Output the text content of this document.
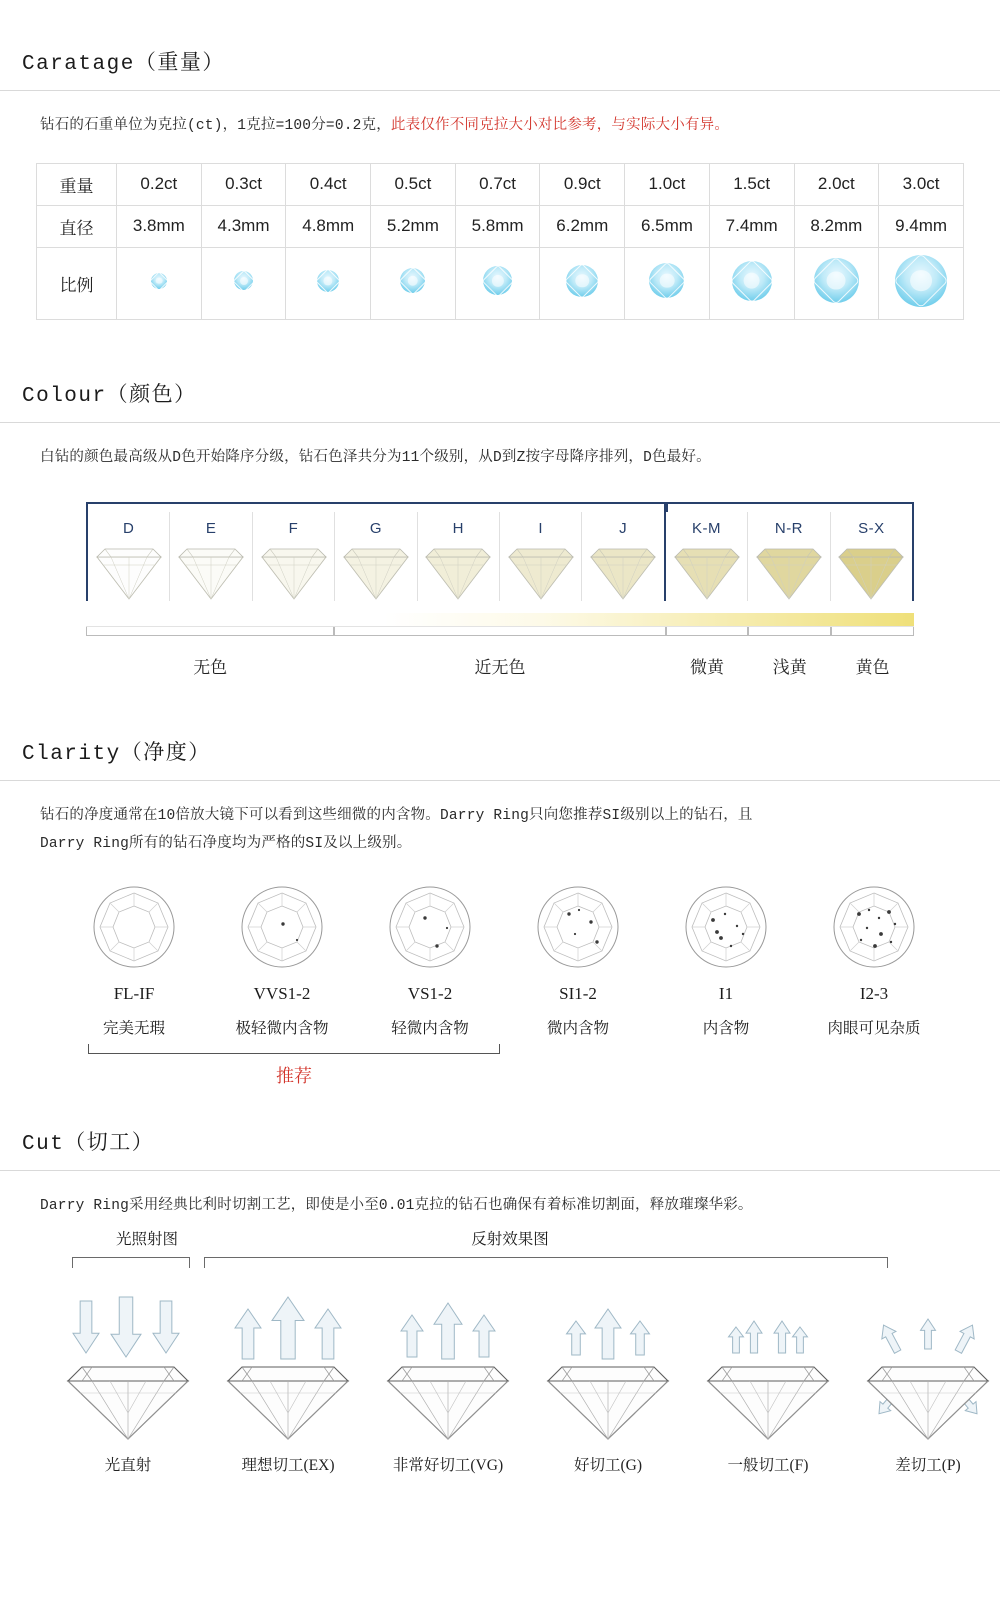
Caratage（重量）
钻石的石重单位为克拉(ct)，1克拉=100分=0.2克，此表仅作不同克拉大小对比参考，与实际大小有异。
重量	0.2ct	0.3ct	0.4ct	0.5ct	0.7ct	0.9ct	1.0ct	1.5ct	2.0ct	3.0ct
直径	3.8mm	4.3mm	4.8mm	5.2mm	5.8mm	6.2mm	6.5mm	7.4mm	8.2mm	9.4mm
比例										
Colour（颜色）
白钻的颜色最高级从D色开始降序分级，钻石色泽共分为11个级别，从D到Z按字母降序排列，D色最好。
D	E	F	G	H	I	J	K-M	N-R	S-X
无色	近无色	微黄	浅黄	黄色
Clarity（净度）
钻石的净度通常在10倍放大镜下可以看到这些细微的内含物。Darry Ring只向您推荐SI级别以上的钻石，且
Darry Ring所有的钻石净度均为严格的SI及以上级别。
FL-IF
完美无瑕
VVS1-2
极轻微内含物
VS1-2
轻微内含物
SI1-2
微内含物
I1
内含物
I2-3
肉眼可见杂质
推荐
Cut（切工）
Darry Ring采用经典比利时切割工艺，即使是小至0.01克拉的钻石也确保有着标准切割面，释放璀璨华彩。
光照射图	反射效果图
光直射	理想切工(EX)	非常好切工(VG)	好切工(G)	一般切工(F)	差切工(P)
